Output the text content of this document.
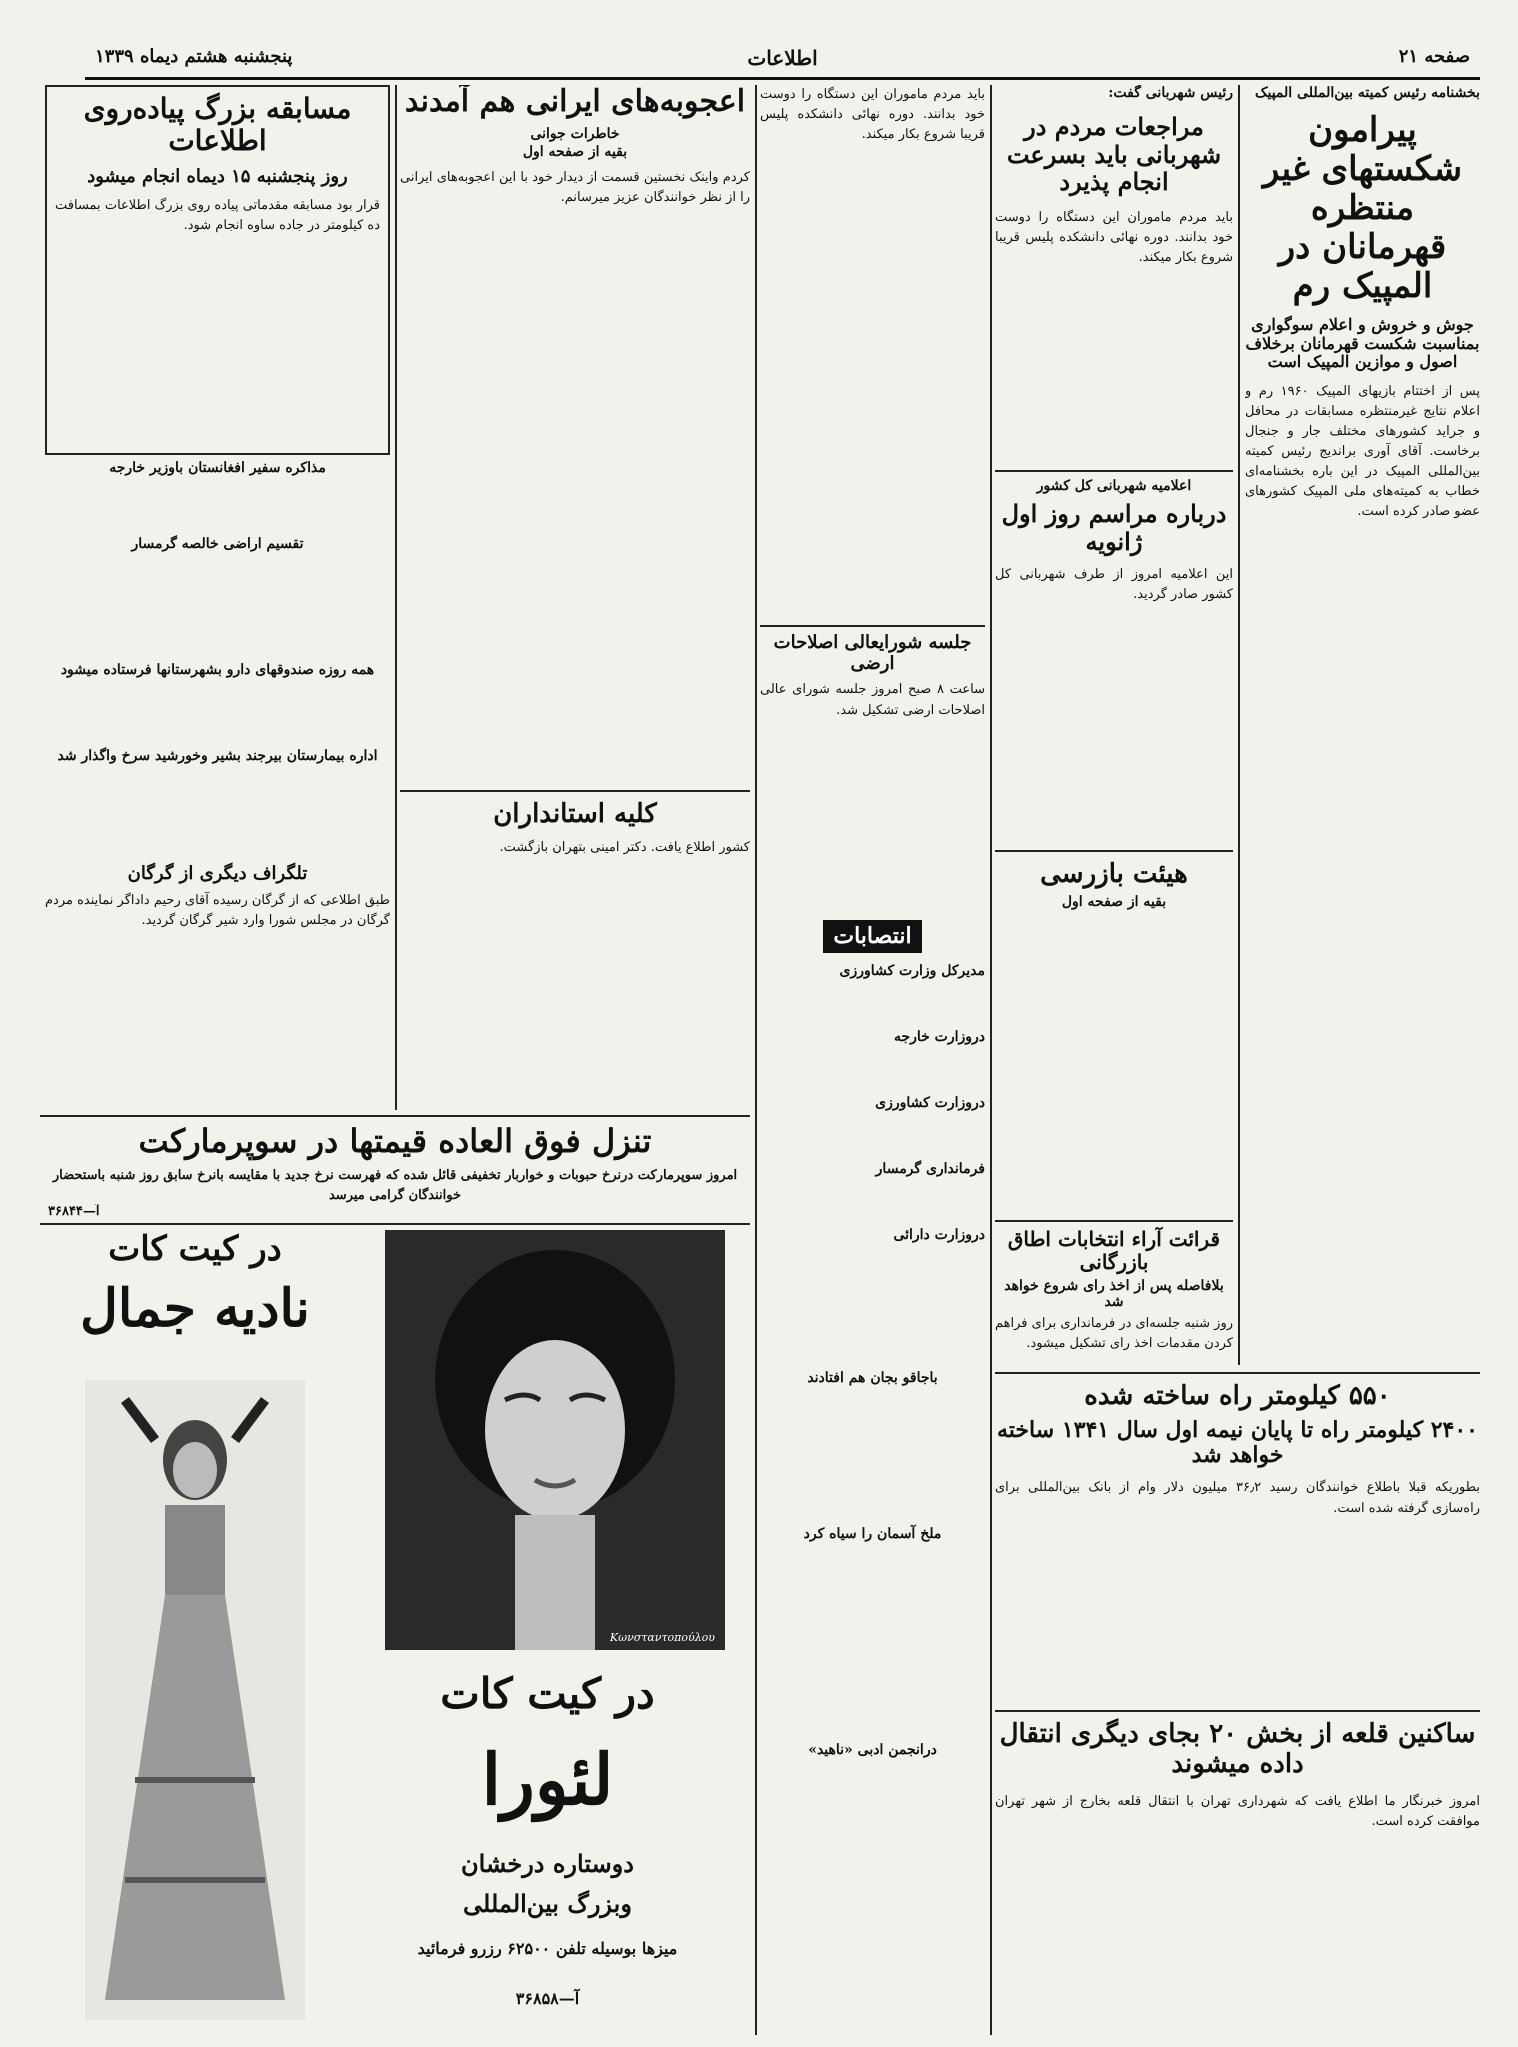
صفحه ۲۱
اطلاعات
پنجشنبه هشتم دیماه ۱۳۳۹
بخشنامه رئیس کمیته بین‌المللی المپیک
پیرامون شکستهای غیر منتظره قهرمانان در المپیک رم
جوش و خروش و اعلام سوگواری بمناسبت شکست قهرمانان برخلاف اصول و موازین المپیک است
پس از اختتام بازیهای المپیک ۱۹۶۰ رم و اعلام نتایج غیرمنتظره مسابقات در محافل و جراید کشورهای مختلف جار و جنجال برخاست. آقای آوری براندیج رئیس کمیته بین‌المللی المپیک در این باره بخشنامه‌ای خطاب به کمیته‌های ملی المپیک کشورهای عضو صادر کرده است.
۵۵۰ کیلومتر راه ساخته شده
۲۴۰۰ کیلومتر راه تا پایان نیمه اول سال ۱۳۴۱ ساخته خواهد شد
بطوریکه قبلا باطلاع خوانندگان رسید ۳۶٫۲ میلیون دلار وام از بانک بین‌المللی برای راه‌سازی گرفته شده است.
ساکنین قلعه از بخش ۲۰ بجای دیگری انتقال داده میشوند
امروز خبرنگار ما اطلاع یافت که شهرداری تهران با انتقال قلعه بخارج از شهر تهران موافقت کرده است.
رئیس شهربانی گفت:
مراجعات مردم در شهربانی باید بسرعت انجام پذیرد
باید مردم ماموران این دستگاه را دوست خود بدانند. دوره نهائی دانشکده پلیس قریبا شروع بکار میکند.
اعلامیه شهربانی کل کشور
درباره مراسم روز اول ژانویه
این اعلامیه امروز از طرف شهربانی کل کشور صادر گردید.
هیئت بازرسی
بقیه از صفحه اول
قرائت آراء انتخابات اطاق بازرگانی
بلافاصله پس از اخذ رای شروع خواهد شد
روز شنبه جلسه‌ای در فرمانداری برای فراهم کردن مقدمات اخذ رای تشکیل میشود.
باید مردم ماموران این دستگاه را دوست خود بدانند. دوره نهائی دانشکده پلیس قریبا شروع بکار میکند.
جلسه شورایعالی اصلاحات ارضی
ساعت ۸ صبح امروز جلسه شورای عالی اصلاحات ارضی تشکیل شد.
انتصابات
مدیرکل وزارت کشاورزی
دروزارت خارجه
دروزارت کشاورزی
فرمانداری گرمسار
دروزارت دارائی
باجاقو بجان هم افتادند
ملخ آسمان را سیاه کرد
درانجمن ادبی «ناهید»
اعجوبه‌های ایرانی هم آمدند
خاطرات جوانی
بقیه از صفحه اول
کردم واینک نخستین قسمت از دیدار خود با این اعجوبه‌های ایرانی را از نظر خوانندگان عزیز میرسانم.
کلیه استانداران
کشور اطلاع یافت. دکتر امینی بتهران بازگشت.
مسابقه بزرگ پیاده‌روی اطلاعات
روز پنجشنبه ۱۵ دیماه انجام میشود
قرار بود مسابقه مقدماتی پیاده روی بزرگ اطلاعات بمسافت ده کیلومتر در جاده ساوه انجام شود.
مذاکره سفیر افغانستان باوزیر خارجه
تقسیم اراضی خالصه گرمسار
همه روزه صندوقهای دارو بشهرستانها فرستاده میشود
اداره بیمارستان بیرجند بشیر وخورشید سرخ واگذار شد
تلگراف دیگری از گرگان
طبق اطلاعی که از گرگان رسیده آقای رحیم داداگر نماینده مردم گرگان در مجلس شورا وارد شیر گرگان گردید.
تنزل فوق العاده قیمتها در سوپرمارکت
امروز سوپرمارکت درنرخ حبوبات و خواربار تخفیفی قائل شده که فهرست نرخ جدید با مقایسه بانرخ سابق روز شنبه باستحضار خوانندگان گرامی میرسد
آ—۳۶۸۴۴
در کیت کات
نادیه جمال
Κωνσταντοπούλου
در کیت کات
لئورا
دوستاره درخشان
وبزرگ بین‌المللی
میزها بوسیله تلفن ۶۲۵۰۰ رزرو فرمائید
آ—۳۶۸۵۸
